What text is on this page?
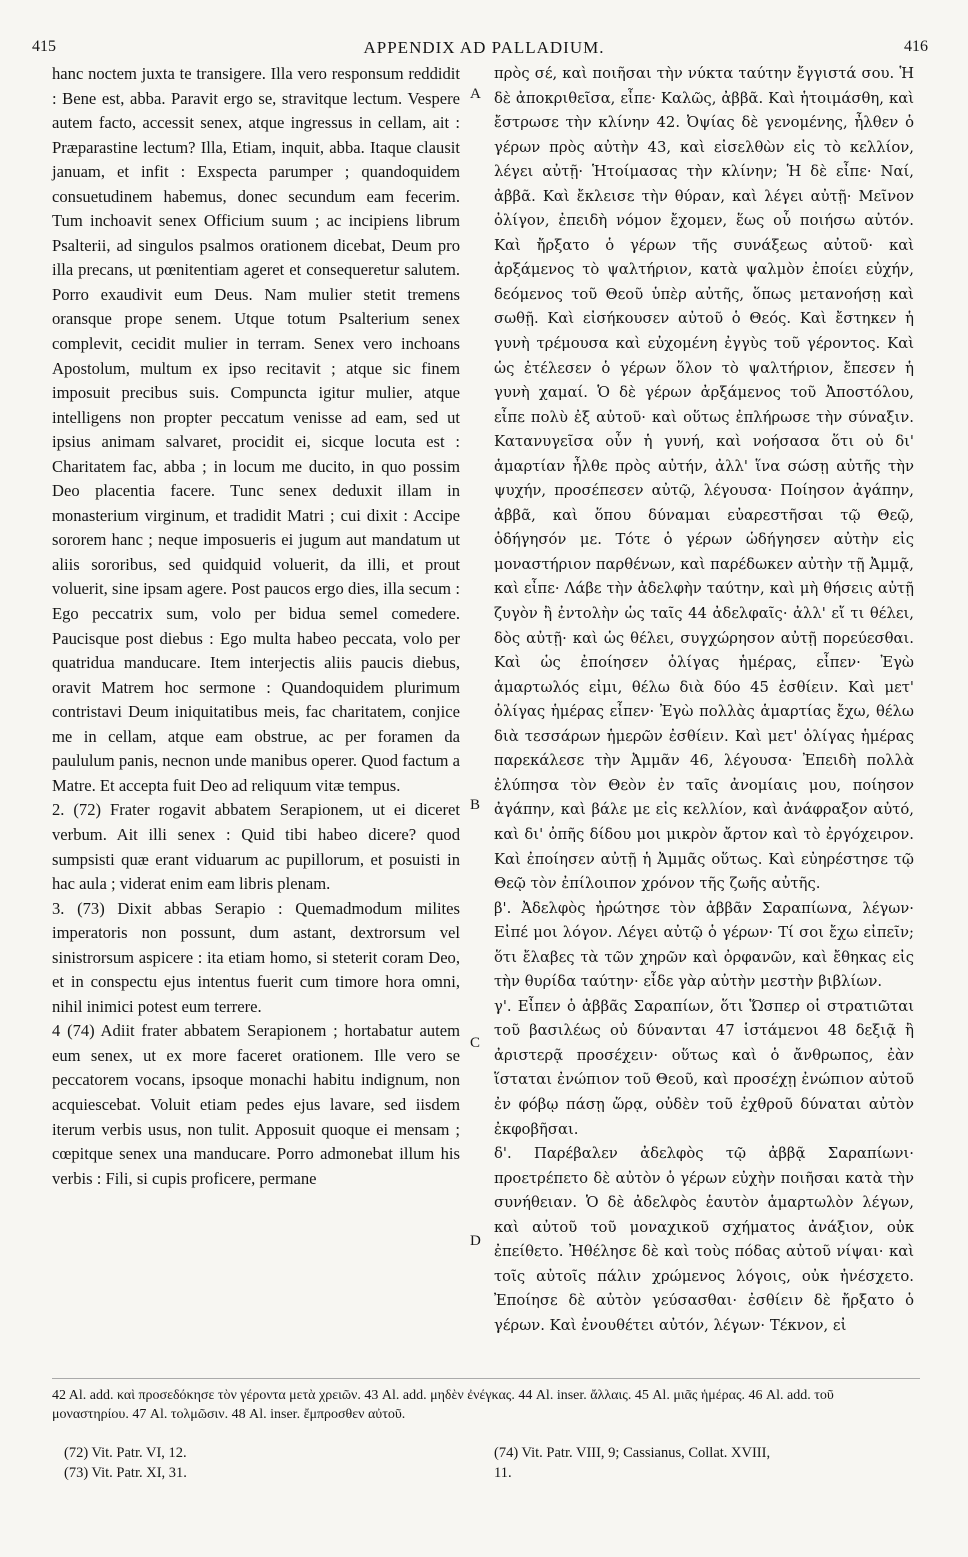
415	APPENDIX AD PALLADIUM.	416

hanc noctem juxta te transigere. Illa vero responsum reddidit : Bene est, abba. Paravit ergo se, stravitque lectum. Vespere autem facto, accessit senex, atque ingressus in cellam, ait : Præparastine lectum? Illa, Etiam, inquit, abba. Itaque clausit januam, et infit : Exspecta parumper ; quandoquidem consuetudinem habemus, donec secundum eam fecerim. Tum inchoavit senex Officium suum ; ac incipiens librum Psalterii, ad singulos psalmos orationem dicebat, Deum pro illa precans, ut pœnitentiam ageret et consequeretur salutem. Porro exaudivit eum Deus. Nam mulier stetit tremens oransque prope senem. Utque totum Psalterium senex complevit, cecidit mulier in terram. Senex vero inchoans Apostolum, multum ex ipso recitavit ; atque sic finem imposuit precibus suis. Compuncta igitur mulier, atque intelligens non propter peccatum venisse ad eam, sed ut ipsius animam salvaret, procidit ei, sicque locuta est : Charitatem fac, abba ; in locum me ducito, in quo possim Deo placentia facere. Tunc senex deduxit illam in monasterium virginum, et tradidit Matri ; cui dixit : Accipe sororem hanc ; neque imposueris ei jugum aut mandatum ut aliis sororibus, sed quidquid voluerit, da illi, et prout voluerit, sine ipsam agere. Post paucos ergo dies, illa secum : Ego peccatrix sum, volo per bidua semel comedere. Paucisque post diebus : Ego multa habeo peccata, volo per quatridua manducare. Item interjectis aliis paucis diebus, oravit Matrem hoc sermone : Quandoquidem plurimum contristavi Deum iniquitatibus meis, fac charitatem, conjice me in cellam, atque eam obstrue, ac per foramen da paululum panis, necnon unde manibus operer. Quod factum a Matre. Et accepta fuit Deo ad reliquum vitæ tempus.

2. (72) Frater rogavit abbatem Serapionem, ut ei diceret verbum. Ait illi senex : Quid tibi habeo dicere? quod sumpsisti quæ erant viduarum ac pupillorum, et posuisti in hac aula ; viderat enim eam libris plenam.

3. (73) Dixit abbas Serapio : Quemadmodum milites imperatoris non possunt, dum astant, dextrorsum vel sinistrorsum aspicere : ita etiam homo, si steterit coram Deo, et in conspectu ejus intentus fuerit cum timore hora omni, nihil inimici potest eum terrere.

4 (74) Adiit frater abbatem Serapionem ; hortabatur autem eum senex, ut ex more faceret orationem. Ille vero se peccatorem vocans, ipsoque monachi habitu indignum, non acquiescebat. Voluit etiam pedes ejus lavare, sed iisdem iterum verbis usus, non tulit. Apposuit quoque ei mensam ; cœpitque senex una manducare. Porro admonebat illum his verbis : Fili, si cupis proficere, permane

A
B
C
D

πρὸς σέ, καὶ ποιῆσαι τὴν νύκτα ταύτην ἔγγιστά σου. Ἡ δὲ ἀποκριθεῖσα, εἶπε· Καλῶς, ἀββᾶ. Καὶ ἡτοιμάσθη, καὶ ἔστρωσε τὴν κλίνην 42. Ὀψίας δὲ γενομένης, ἦλθεν ὁ γέρων πρὸς αὐτὴν 43, καὶ εἰσελθὼν εἰς τὸ κελλίον, λέγει αὐτῇ· Ἡτοίμασας τὴν κλίνην; Ἡ δὲ εἶπε· Ναί, ἀββᾶ. Καὶ ἔκλεισε τὴν θύραν, καὶ λέγει αὐτῇ· Μεῖνον ὀλίγον, ἐπειδὴ νόμον ἔχομεν, ἕως οὗ ποιήσω αὐτόν. Καὶ ἤρξατο ὁ γέρων τῆς συνάξεως αὐτοῦ· καὶ ἀρξάμενος τὸ ψαλτήριον, κατὰ ψαλμὸν ἐποίει εὐχήν, δεόμενος τοῦ Θεοῦ ὑπὲρ αὐτῆς, ὅπως μετανοήσῃ καὶ σωθῇ. Καὶ εἰσήκουσεν αὐτοῦ ὁ Θεός. Καὶ ἔστηκεν ἡ γυνὴ τρέμουσα καὶ εὐχομένη ἐγγὺς τοῦ γέροντος. Καὶ ὡς ἐτέλεσεν ὁ γέρων ὅλον τὸ ψαλτήριον, ἔπεσεν ἡ γυνὴ χαμαί. Ὁ δὲ γέρων ἀρξάμενος τοῦ Ἀποστόλου, εἶπε πολὺ ἐξ αὐτοῦ· καὶ οὕτως ἐπλήρωσε τὴν σύναξιν. Κατανυγεῖσα οὖν ἡ γυνή, καὶ νοήσασα ὅτι οὐ δι' ἁμαρτίαν ἦλθε πρὸς αὐτήν, ἀλλ' ἵνα σώσῃ αὐτῆς τὴν ψυχήν, προσέπεσεν αὐτῷ, λέγουσα· Ποίησον ἀγάπην, ἀββᾶ, καὶ ὅπου δύναμαι εὐαρεστῆσαι τῷ Θεῷ, ὁδήγησόν με. Τότε ὁ γέρων ὡδήγησεν αὐτὴν εἰς μοναστήριον παρθένων, καὶ παρέδωκεν αὐτὴν τῇ Ἀμμᾷ, καὶ εἶπε· Λάβε τὴν ἀδελφὴν ταύτην, καὶ μὴ θήσεις αὐτῇ ζυγὸν ἢ ἐντολὴν ὡς ταῖς 44 ἀδελφαῖς· ἀλλ' εἴ τι θέλει, δὸς αὐτῇ· καὶ ὡς θέλει, συγχώρησον αὐτῇ πορεύεσθαι. Καὶ ὡς ἐποίησεν ὀλίγας ἡμέρας, εἶπεν· Ἐγὼ ἁμαρτωλός εἰμι, θέλω διὰ δύο 45 ἐσθίειν. Καὶ μετ' ὀλίγας ἡμέρας εἶπεν· Ἐγὼ πολλὰς ἁμαρτίας ἔχω, θέλω διὰ τεσσάρων ἡμερῶν ἐσθίειν. Καὶ μετ' ὀλίγας ἡμέρας παρεκάλεσε τὴν Ἀμμᾶν 46, λέγουσα· Ἐπειδὴ πολλὰ ἐλύπησα τὸν Θεὸν ἐν ταῖς ἀνομίαις μου, ποίησον ἀγάπην, καὶ βάλε με εἰς κελλίον, καὶ ἀνάφραξον αὐτό, καὶ δι' ὀπῆς δίδου μοι μικρὸν ἄρτον καὶ τὸ ἐργόχειρον. Καὶ ἐποίησεν αὐτῇ ἡ Ἀμμᾶς οὕτως. Καὶ εὐηρέστησε τῷ Θεῷ τὸν ἐπίλοιπον χρόνον τῆς ζωῆς αὐτῆς.

β'. Ἀδελφὸς ἠρώτησε τὸν ἀββᾶν Σαραπίωνα, λέγων· Εἰπέ μοι λόγον. Λέγει αὐτῷ ὁ γέρων· Τί σοι ἔχω εἰπεῖν; ὅτι ἔλαβες τὰ τῶν χηρῶν καὶ ὀρφανῶν, καὶ ἔθηκας εἰς τὴν θυρίδα ταύτην· εἶδε γὰρ αὐτὴν μεστὴν βιβλίων.

γ'. Εἶπεν ὁ ἀββᾶς Σαραπίων, ὅτι Ὥσπερ οἱ στρατιῶται τοῦ βασιλέως οὐ δύνανται 47 ἱστάμενοι 48 δεξιᾷ ἢ ἀριστερᾷ προσέχειν· οὕτως καὶ ὁ ἄνθρωπος, ἐὰν ἵσταται ἐνώπιον τοῦ Θεοῦ, καὶ προσέχῃ ἐνώπιον αὐτοῦ ἐν φόβῳ πάσῃ ὥρᾳ, οὐδὲν τοῦ ἐχθροῦ δύναται αὐτὸν ἐκφοβῆσαι.

δ'. Παρέβαλεν ἀδελφὸς τῷ ἀββᾷ Σαραπίωνι· προετρέπετο δὲ αὐτὸν ὁ γέρων εὐχὴν ποιῆσαι κατὰ τὴν συνήθειαν. Ὁ δὲ ἀδελφὸς ἑαυτὸν ἁμαρτωλὸν λέγων, καὶ αὐτοῦ τοῦ μοναχικοῦ σχήματος ἀνάξιον, οὐκ ἐπείθετο. Ἠθέλησε δὲ καὶ τοὺς πόδας αὐτοῦ νίψαι· καὶ τοῖς αὐτοῖς πάλιν χρώμενος λόγοις, οὐκ ἠνέσχετο. Ἐποίησε δὲ αὐτὸν γεύσασθαι· ἐσθίειν δὲ ἤρξατο ὁ γέρων. Καὶ ἐνουθέτει αὐτόν, λέγων· Τέκνον, εἰ

42 Al. add. καὶ προσεδόκησε τὸν γέροντα μετὰ χρειῶν. 43 Al. add. μηδὲν ἐνέγκας. 44 Al. inser. ἄλλαις. 45 Al. μιᾶς ἡμέρας. 46 Al. add. τοῦ μοναστηρίου. 47 Al. τολμῶσιν. 48 Al. inser. ἔμπροσθεν αὐτοῦ.

(72) Vit. Patr. VI, 12.
(73) Vit. Patr. XI, 31.
(74) Vit. Patr. VIII, 9; Cassianus, Collat. XVIII,
11.
